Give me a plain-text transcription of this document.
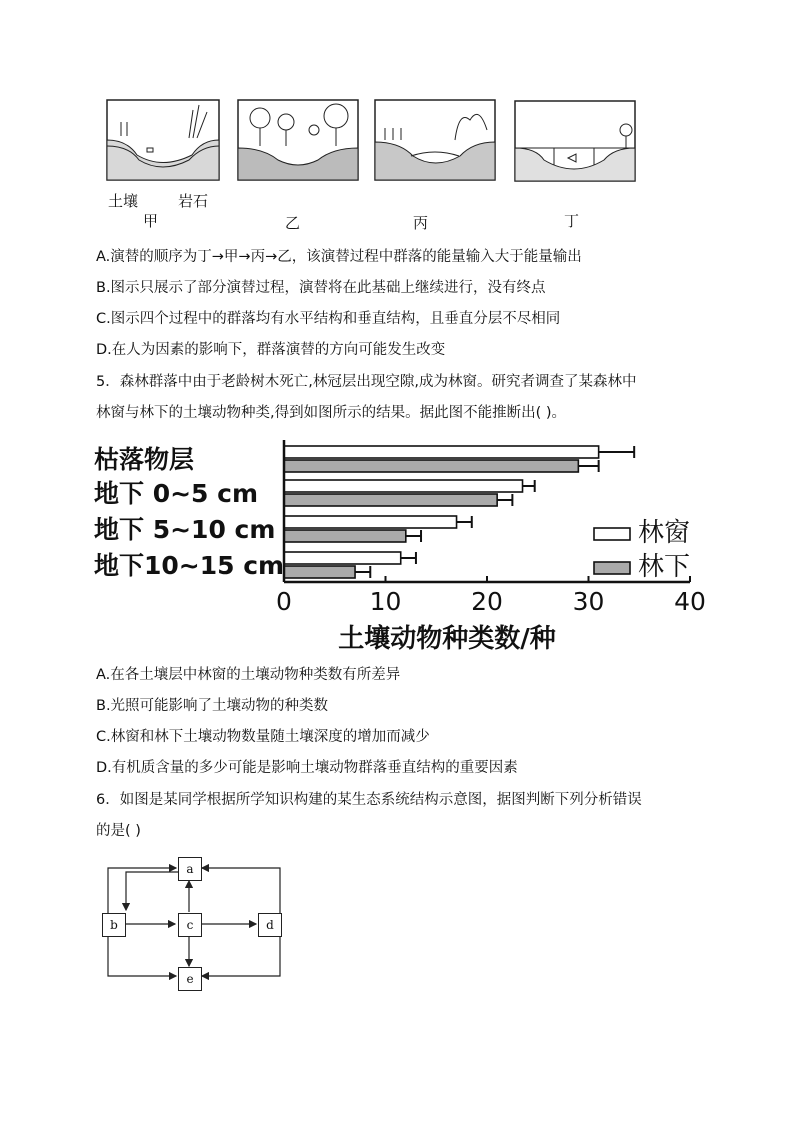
土壤	岩石
甲	乙	丙	丁
A.演替的顺序为丁→甲→丙→乙，该演替过程中群落的能量输入大于能量输出
B.图示只展示了部分演替过程，演替将在此基础上继续进行，没有终点
C.图示四个过程中的群落均有水平结构和垂直结构，且垂直分层不尽相同
D.在人为因素的影响下，群落演替的方向可能发生改变
5．森林群落中由于老龄树木死亡,林冠层出现空隙,成为林窗。研究者调查了某森林中
林窗与林下的土壤动物种类,得到如图所示的结果。据此图不能推断出( )。
枯落物层
地下 0~5 cm
地下 5~10 cm
地下10~15 cm
0	10	20	30	40
土壤动物种类数/种
林窗
林下
A.在各土壤层中林窗的土壤动物种类数有所差异
B.光照可能影响了土壤动物的种类数
C.林窗和林下土壤动物数量随土壤深度的增加而减少
D.有机质含量的多少可能是影响土壤动物群落垂直结构的重要因素
6．如图是某同学根据所学知识构建的某生态系统结构示意图，据图判断下列分析错误
的是( )
a
b	c	d
e
